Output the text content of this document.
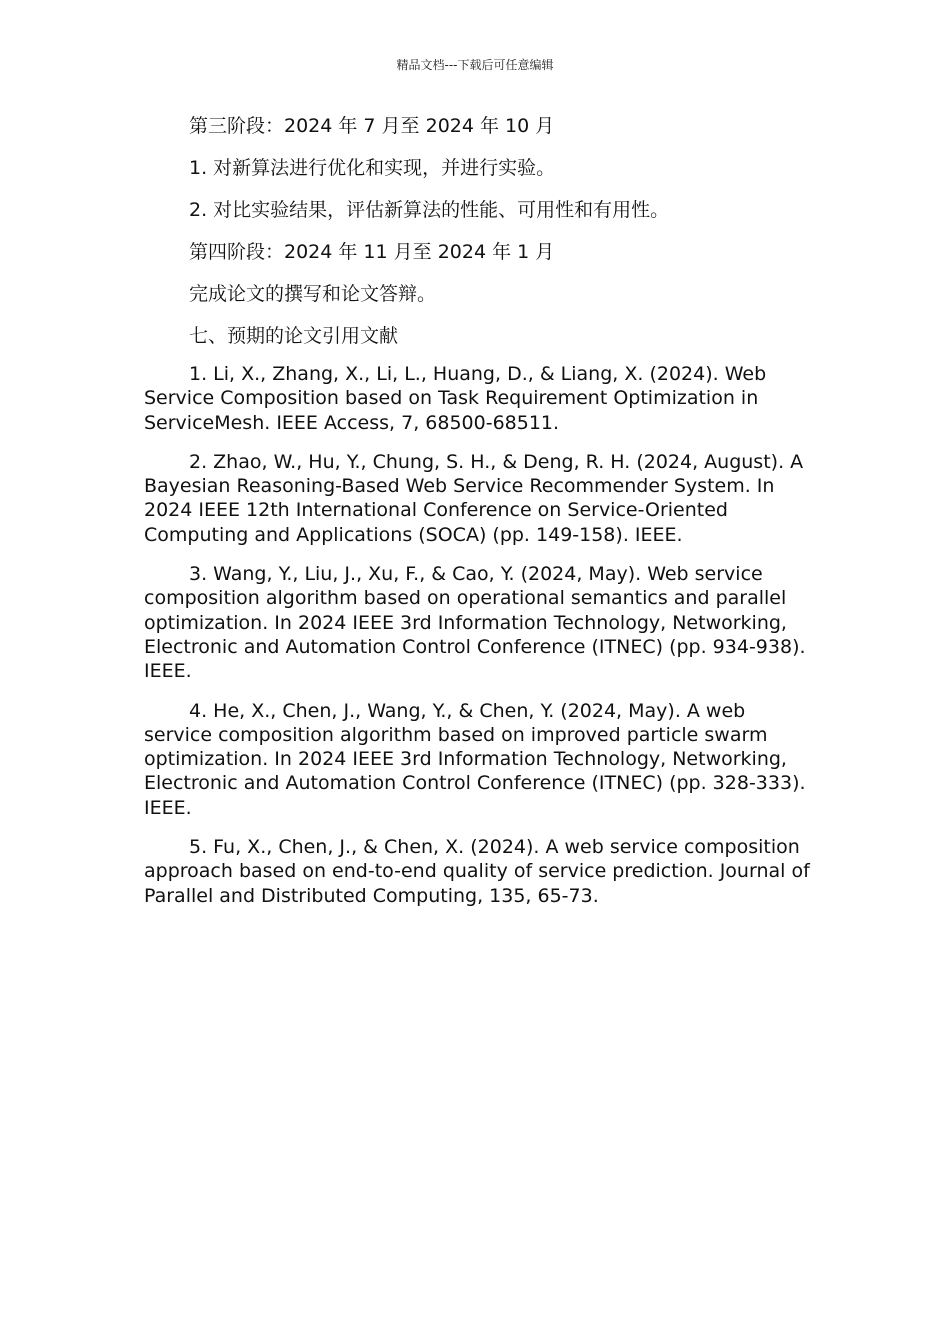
精品文档---下载后可任意编辑

第三阶段：2024 年 7 月至 2024 年 10 月

1. 对新算法进行优化和实现，并进行实验。

2. 对比实验结果，评估新算法的性能、可用性和有用性。

第四阶段：2024 年 11 月至 2024 年 1 月

完成论文的撰写和论文答辩。

七、预期的论文引用文献

1. Li, X., Zhang, X., Li, L., Huang, D., & Liang, X. (2024). Web Service Composition based on Task Requirement Optimization in ServiceMesh. IEEE Access, 7, 68500-68511.

2. Zhao, W., Hu, Y., Chung, S. H., & Deng, R. H. (2024, August). A Bayesian Reasoning-Based Web Service Recommender System. In 2024 IEEE 12th International Conference on Service-Oriented Computing and Applications (SOCA) (pp. 149-158). IEEE.

3. Wang, Y., Liu, J., Xu, F., & Cao, Y. (2024, May). Web service composition algorithm based on operational semantics and parallel optimization. In 2024 IEEE 3rd Information Technology, Networking, Electronic and Automation Control Conference (ITNEC) (pp. 934-938). IEEE.

4. He, X., Chen, J., Wang, Y., & Chen, Y. (2024, May). A web service composition algorithm based on improved particle swarm optimization. In 2024 IEEE 3rd Information Technology, Networking, Electronic and Automation Control Conference (ITNEC) (pp. 328-333). IEEE.

5. Fu, X., Chen, J., & Chen, X. (2024). A web service composition approach based on end-to-end quality of service prediction. Journal of Parallel and Distributed Computing, 135, 65-73.
